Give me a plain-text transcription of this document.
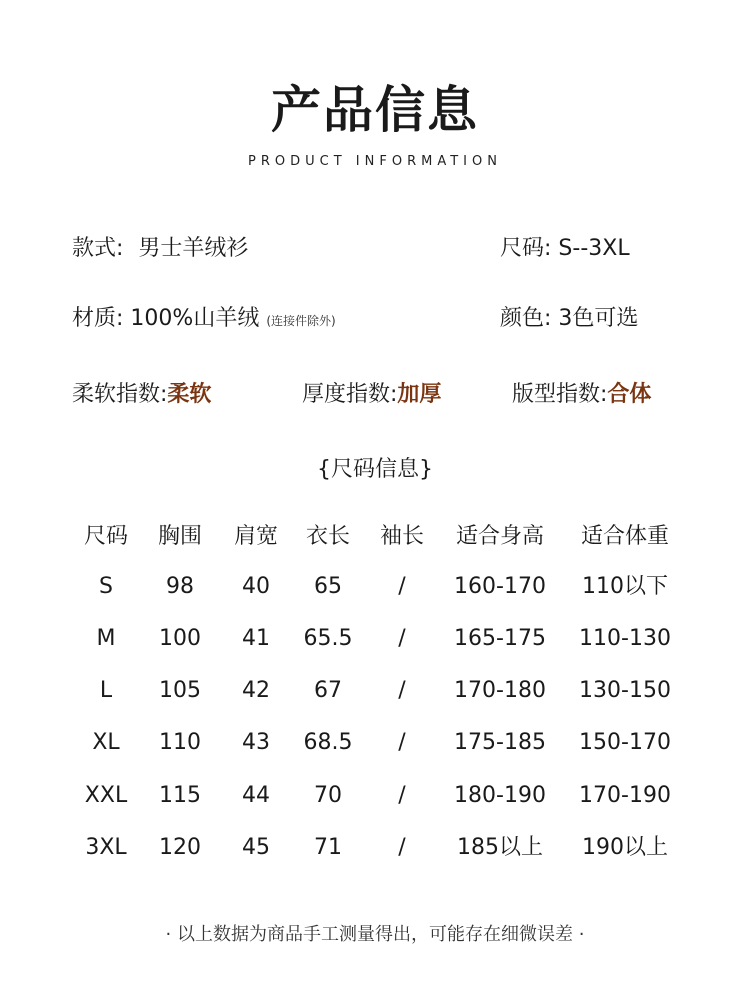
产品信息
PRODUCT INFORMATION
款式: 男士羊绒衫	尺码: S--3XL
材质: 100%山羊绒 (连接件除外)	颜色: 3色可选
柔软指数:柔软	厚度指数:加厚	版型指数:合体
{尺码信息}
尺码	胸围	肩宽	衣长	袖长	适合身高	适合体重
S	98	40	65	/	160-170	110以下
M	100	41	65.5	/	165-175	110-130
L	105	42	67	/	170-180	130-150
XL	110	43	68.5	/	175-185	150-170
XXL	115	44	70	/	180-190	170-190
3XL	120	45	71	/	185以上	190以上
· 以上数据为商品手工测量得出，可能存在细微误差 ·
